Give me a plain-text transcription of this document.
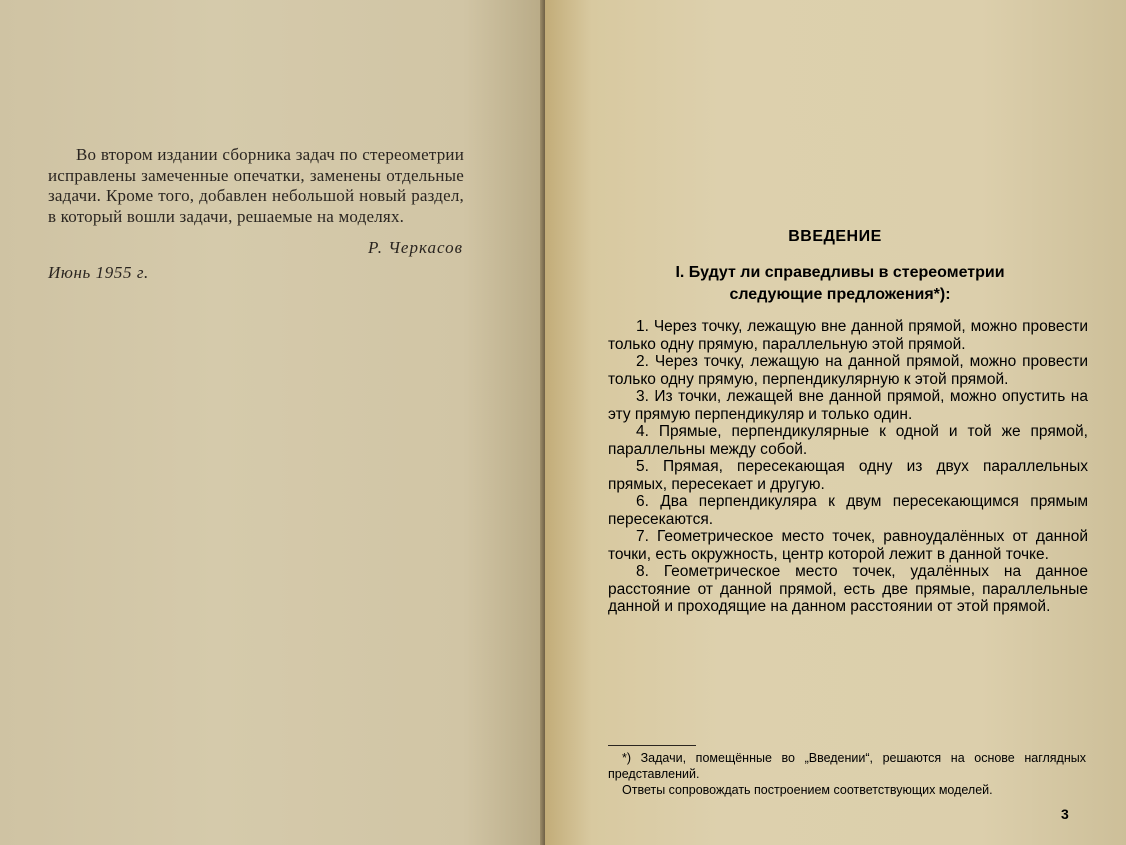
Во втором издании сборника задач по стереометрии исправлены замеченные опечатки, заменены отдельные задачи. Кроме того, добавлен небольшой новый раздел, в который вошли задачи, решаемые на моделях.

Р. Черкасов
Июнь 1955 г.
ВВЕДЕНИЕ
I. Будут ли справедливы в стереометрии следующие предложения*):

1. Через точку, лежащую вне данной прямой, можно провести только одну прямую, параллельную этой прямой.

2. Через точку, лежащую на данной прямой, можно провести только одну прямую, перпендикулярную к этой прямой.

3. Из точки, лежащей вне данной прямой, можно опустить на эту прямую перпендикуляр и только один.

4. Прямые, перпендикулярные к одной и той же прямой, параллельны между собой.

5. Прямая, пересекающая одну из двух параллельных прямых, пересекает и другую.

6. Два перпендикуляра к двум пересекающимся прямым пересекаются.

7. Геометрическое место точек, равноудалённых от данной точки, есть окружность, центр которой лежит в данной точке.

8. Геометрическое место точек, удалённых на данное расстояние от данной прямой, есть две прямые, параллельные данной и проходящие на данном расстоянии от этой прямой.

*) Задачи, помещённые во „Введении“, решаются на основе наглядных представлений.

Ответы сопровождать построением соответствующих моделей.

3
